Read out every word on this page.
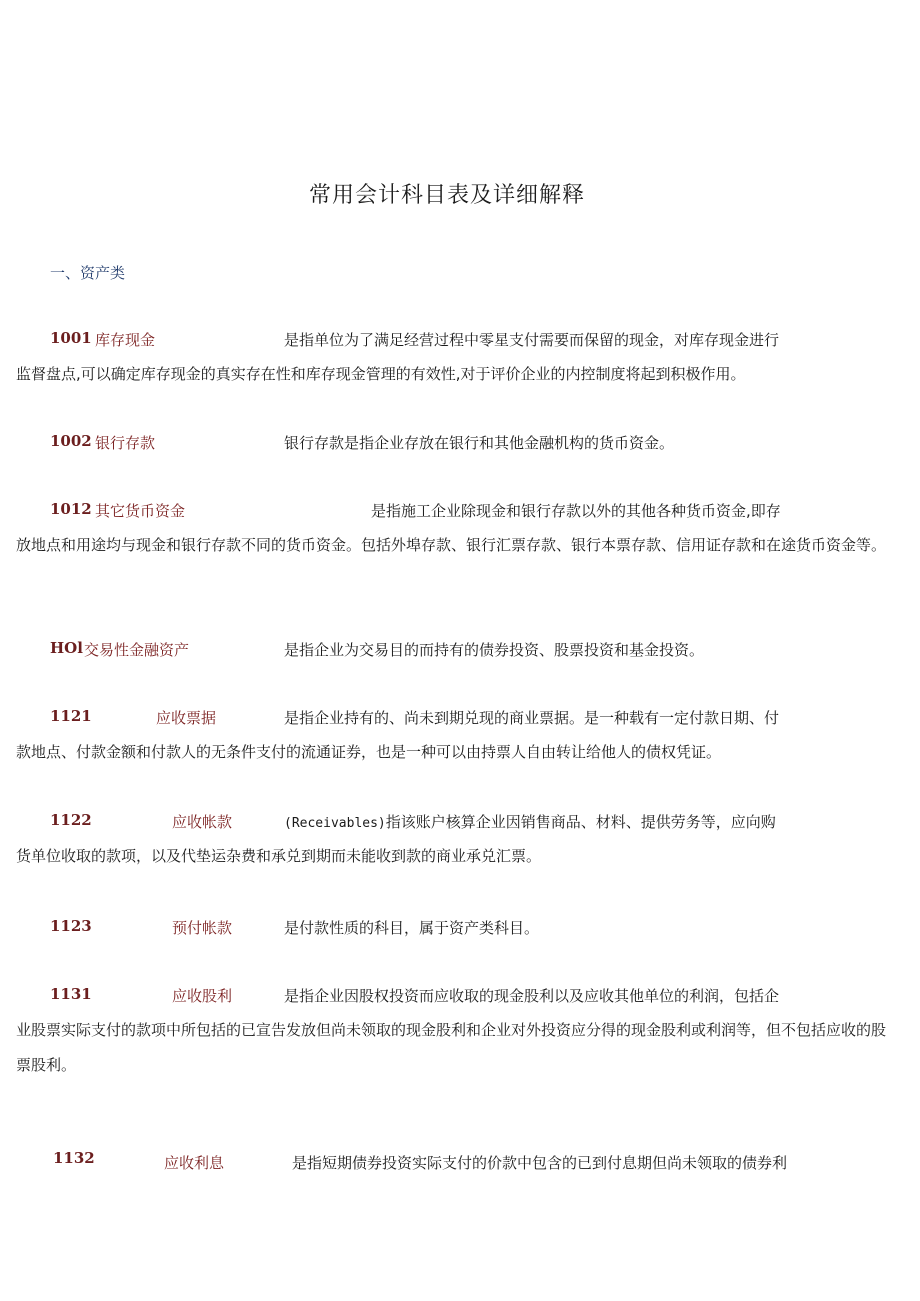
常用会计科目表及详细解释
一、资产类
1001 库存现金	是指单位为了满足经营过程中零星支付需要而保留的现金，对库存现金进行
监督盘点,可以确定库存现金的真实存在性和库存现金管理的有效性,对于评价企业的内控制度将起到积极作用。
1002 银行存款	银行存款是指企业存放在银行和其他金融机构的货币资金。
1012 其它货币资金	是指施工企业除现金和银行存款以外的其他各种货币资金,即存
放地点和用途均与现金和银行存款不同的货币资金。包括外埠存款、银行汇票存款、银行本票存款、信用证存款和在途货币资金等。
HOl 交易性金融资产	是指企业为交易目的而持有的债券投资、股票投资和基金投资。
1121	应收票据	是指企业持有的、尚未到期兑现的商业票据。是一种载有一定付款日期、付
款地点、付款金额和付款人的无条件支付的流通证券，也是一种可以由持票人自由转让给他人的债权凭证。
1122	应收帐款	(Receivables)指该账户核算企业因销售商品、材料、提供劳务等，应向购
货单位收取的款项，以及代垫运杂费和承兑到期而未能收到款的商业承兑汇票。
1123	预付帐款	是付款性质的科目，属于资产类科目。
1131	应收股利	是指企业因股权投资而应收取的现金股利以及应收其他单位的利润，包括企
业股票实际支付的款项中所包括的已宣告发放但尚未领取的现金股利和企业对外投资应分得的现金股利或利润等，但不包括应收的股票股利。
1132	应收利息	是指短期债券投资实际支付的价款中包含的已到付息期但尚未领取的债券利
